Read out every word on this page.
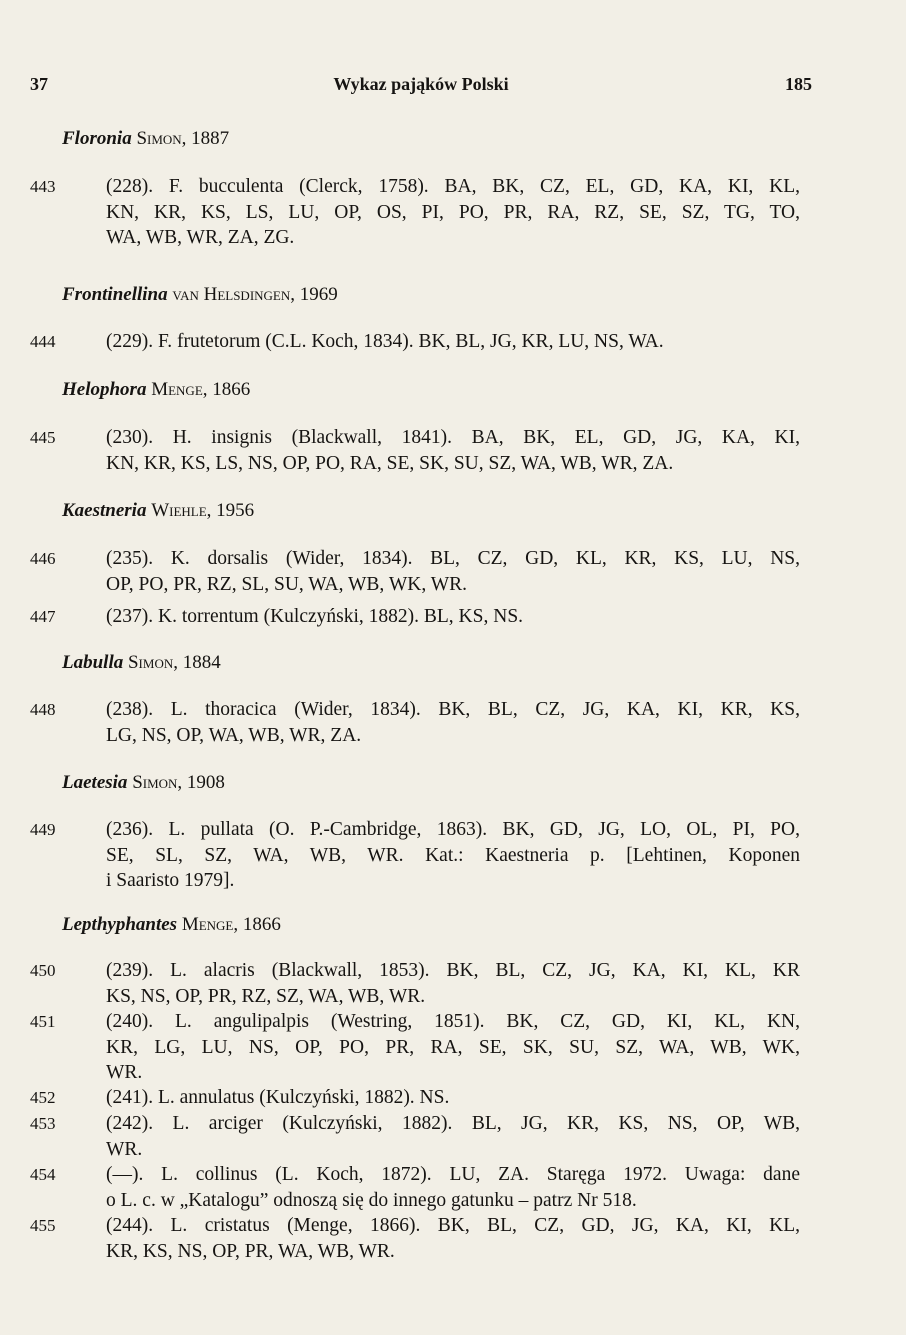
37	Wykaz pająków Polski	185
Floronia Simon, 1887
443	(228). F. bucculenta (Clerck, 1758). BA, BK, CZ, EL, GD, KA, KI, KL,
KN, KR, KS, LS, LU, OP, OS, PI, PO, PR, RA, RZ, SE, SZ, TG, TO,
WA, WB, WR, ZA, ZG.
Frontinellina van Helsdingen, 1969
444	(229). F. frutetorum (C.L. Koch, 1834). BK, BL, JG, KR, LU, NS, WA.
Helophora Menge, 1866
445	(230). H. insignis (Blackwall, 1841). BA, BK, EL, GD, JG, KA, KI,
KN, KR, KS, LS, NS, OP, PO, RA, SE, SK, SU, SZ, WA, WB, WR, ZA.
Kaestneria Wiehle, 1956
446	(235). K. dorsalis (Wider, 1834). BL, CZ, GD, KL, KR, KS, LU, NS,
OP, PO, PR, RZ, SL, SU, WA, WB, WK, WR.
447	(237). K. torrentum (Kulczyński, 1882). BL, KS, NS.
Labulla Simon, 1884
448	(238). L. thoracica (Wider, 1834). BK, BL, CZ, JG, KA, KI, KR, KS,
LG, NS, OP, WA, WB, WR, ZA.
Laetesia Simon, 1908
449	(236). L. pullata (O. P.-Cambridge, 1863). BK, GD, JG, LO, OL, PI, PO,
SE, SL, SZ, WA, WB, WR. Kat.: Kaestneria p. [Lehtinen, Koponen
i Saaristo 1979].
Lepthyphantes Menge, 1866
450	(239). L. alacris (Blackwall, 1853). BK, BL, CZ, JG, KA, KI, KL, KR
KS, NS, OP, PR, RZ, SZ, WA, WB, WR.
451	(240). L. angulipalpis (Westring, 1851). BK, CZ, GD, KI, KL, KN,
KR, LG, LU, NS, OP, PO, PR, RA, SE, SK, SU, SZ, WA, WB, WK,
WR.
452	(241). L. annulatus (Kulczyński, 1882). NS.
453	(242). L. arciger (Kulczyński, 1882). BL, JG, KR, KS, NS, OP, WB,
WR.
454	(—). L. collinus (L. Koch, 1872). LU, ZA. Staręga 1972. Uwaga: dane
o L. c. w „Katalogu” odnoszą się do innego gatunku – patrz Nr 518.
455	(244). L. cristatus (Menge, 1866). BK, BL, CZ, GD, JG, KA, KI, KL,
KR, KS, NS, OP, PR, WA, WB, WR.
